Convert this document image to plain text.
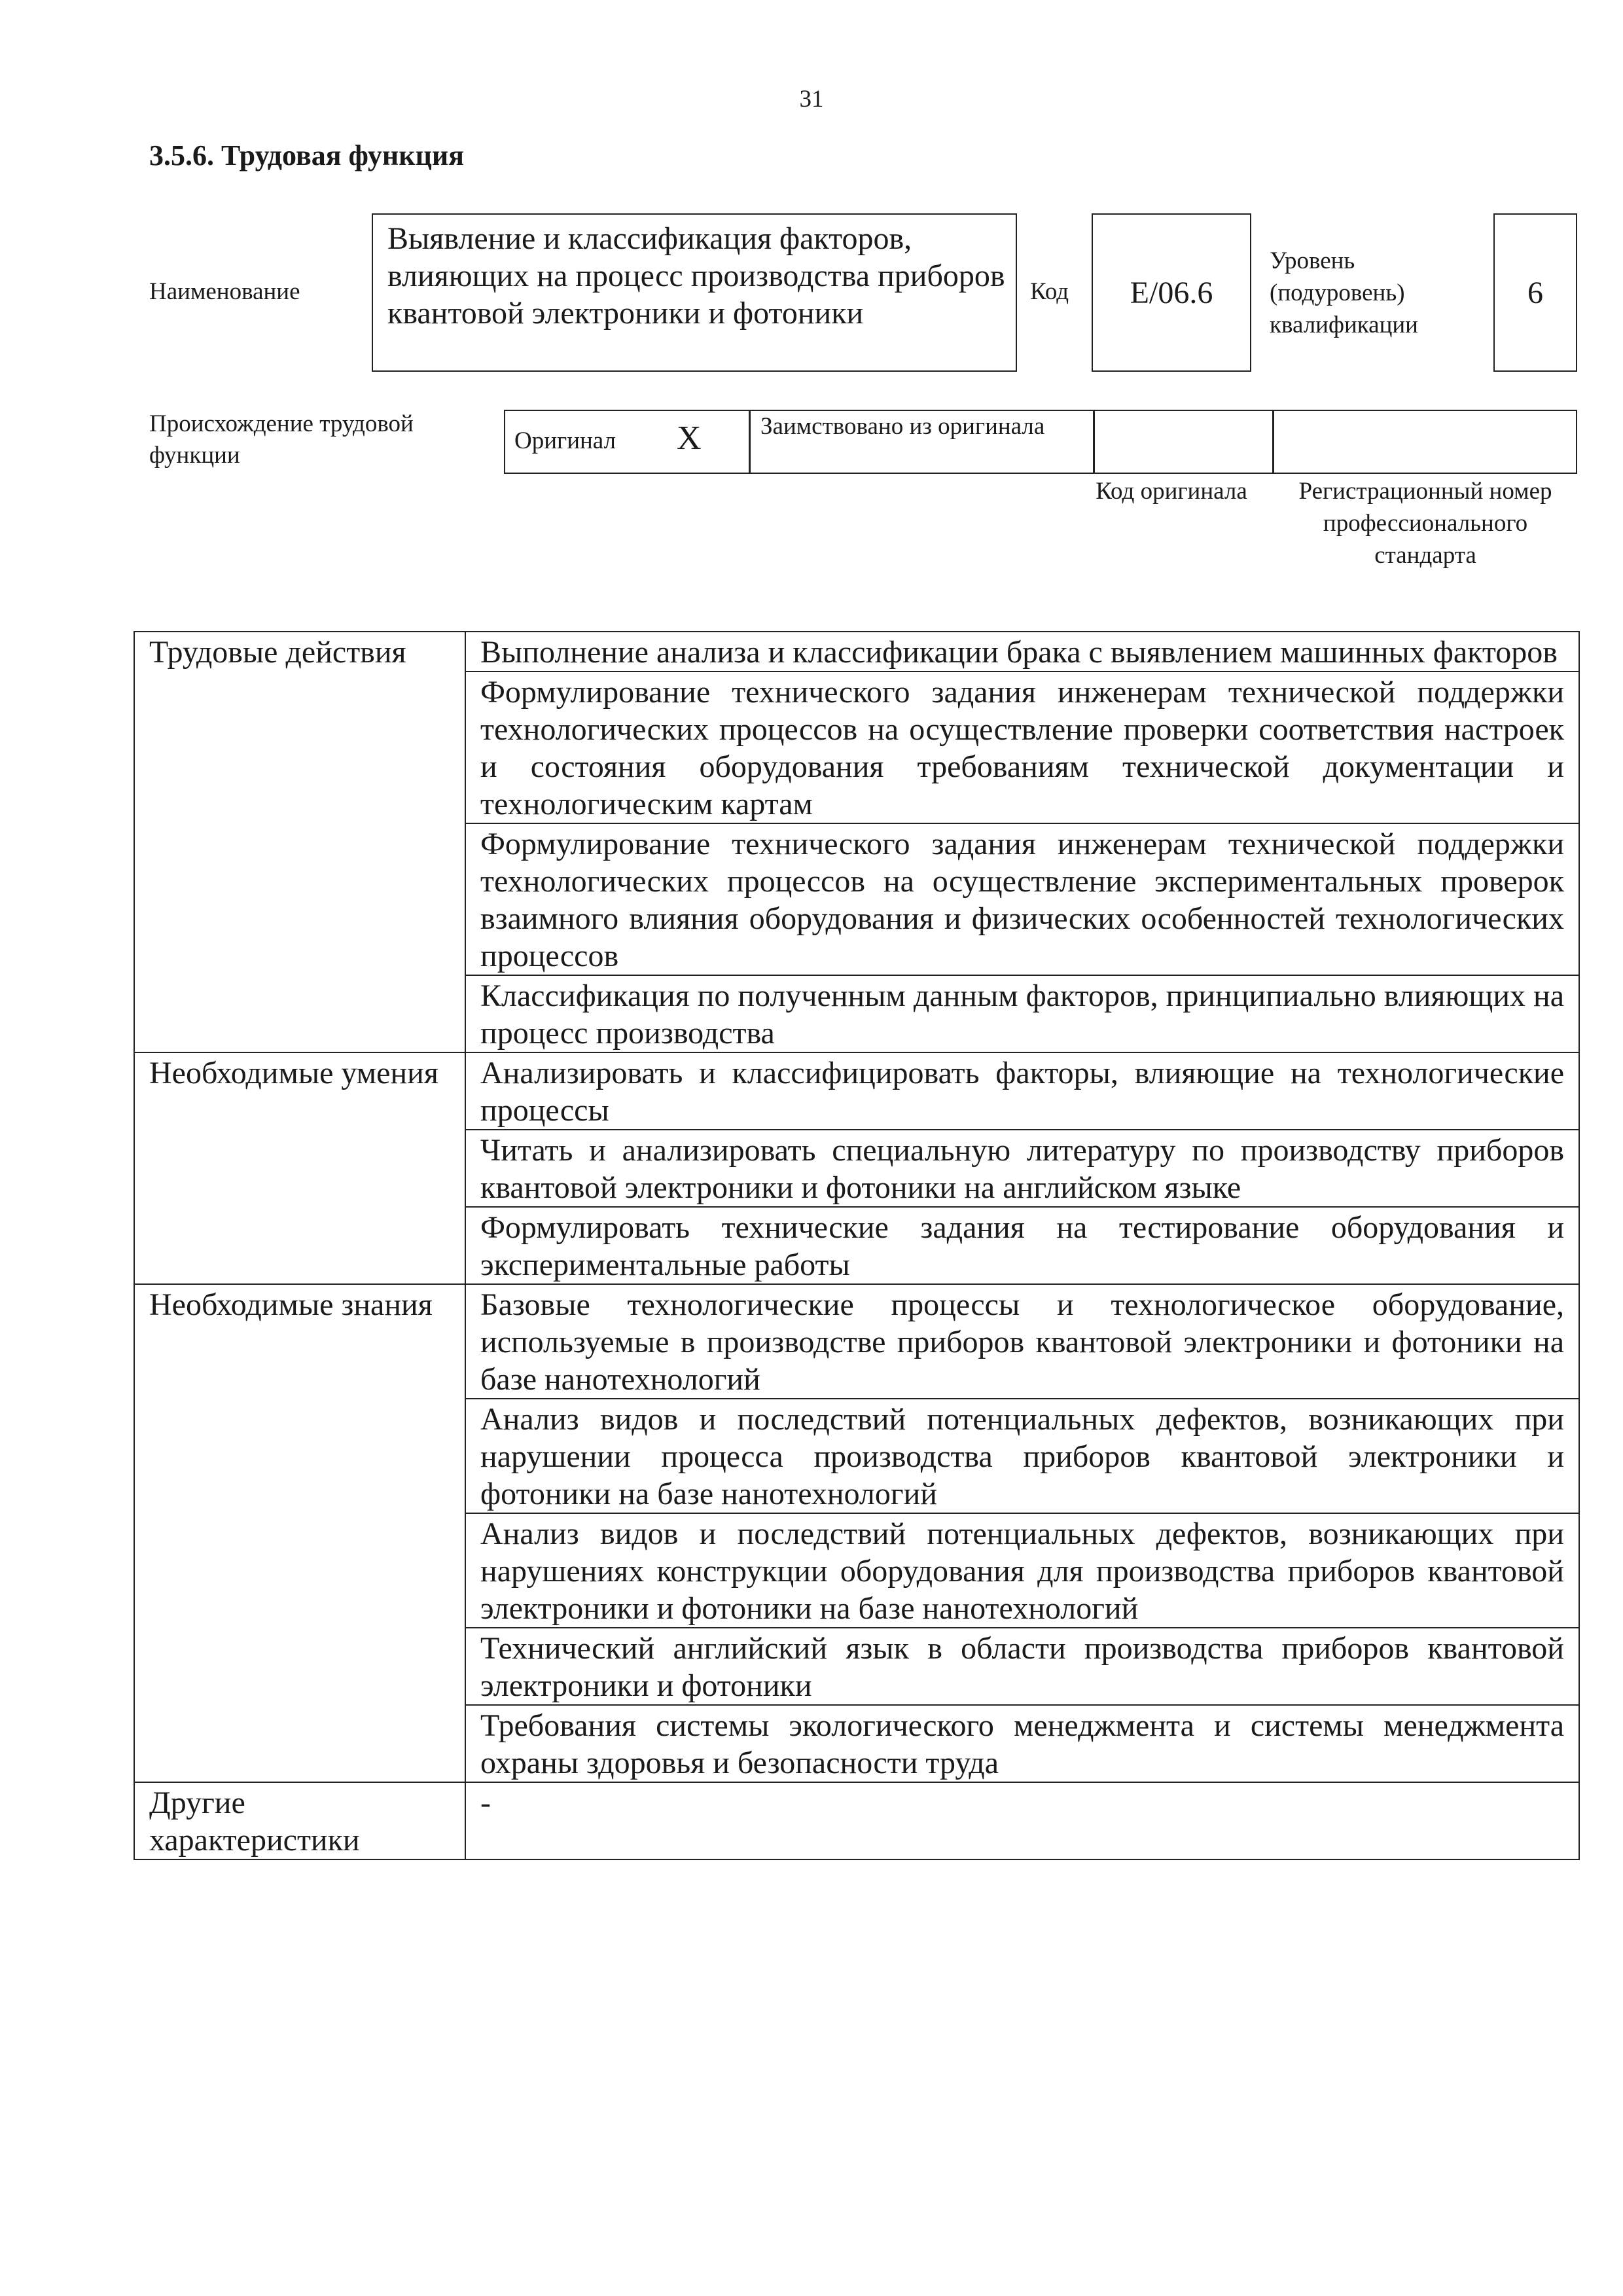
31
3.5.6. Трудовая функция
Наименование
Выявление и классификация факторов, влияющих на процесс производства приборов квантовой электроники и фотоники
Код E/06.6
Уровень
(подуровень)
квалификации
6
Происхождение трудовой функции
Оригинал X Заимствовано из оригинала
Код оригинала	Регистрационный номер профессионального стандарта
Трудовые действия	Выполнение анализа и классификации брака с выявлением машинных факторов
	Формулирование технического задания инженерам технической поддержки технологических процессов на осуществление проверки соответствия настроек и состояния оборудования требованиям технической документации и технологическим картам
	Формулирование технического задания инженерам технической поддержки технологических процессов на осуществление экспериментальных проверок взаимного влияния оборудования и физических особенностей технологических процессов
	Классификация по полученным данным факторов, принципиально влияющих на процесс производства
Необходимые умения	Анализировать и классифицировать факторы, влияющие на технологические процессы
	Читать и анализировать специальную литературу по производству приборов квантовой электроники и фотоники на английском языке
	Формулировать технические задания на тестирование оборудования и экспериментальные работы
Необходимые знания	Базовые технологические процессы и технологическое оборудование, используемые в производстве приборов квантовой электроники и фотоники на базе нанотехнологий
	Анализ видов и последствий потенциальных дефектов, возникающих при нарушении процесса производства приборов квантовой электроники и фотоники на базе нанотехнологий
	Анализ видов и последствий потенциальных дефектов, возникающих при нарушениях конструкции оборудования для производства приборов квантовой электроники и фотоники на базе нанотехнологий
	Технический английский язык в области производства приборов квантовой электроники и фотоники
	Требования системы экологического менеджмента и системы менеджмента охраны здоровья и безопасности труда
Другие характеристики	-
